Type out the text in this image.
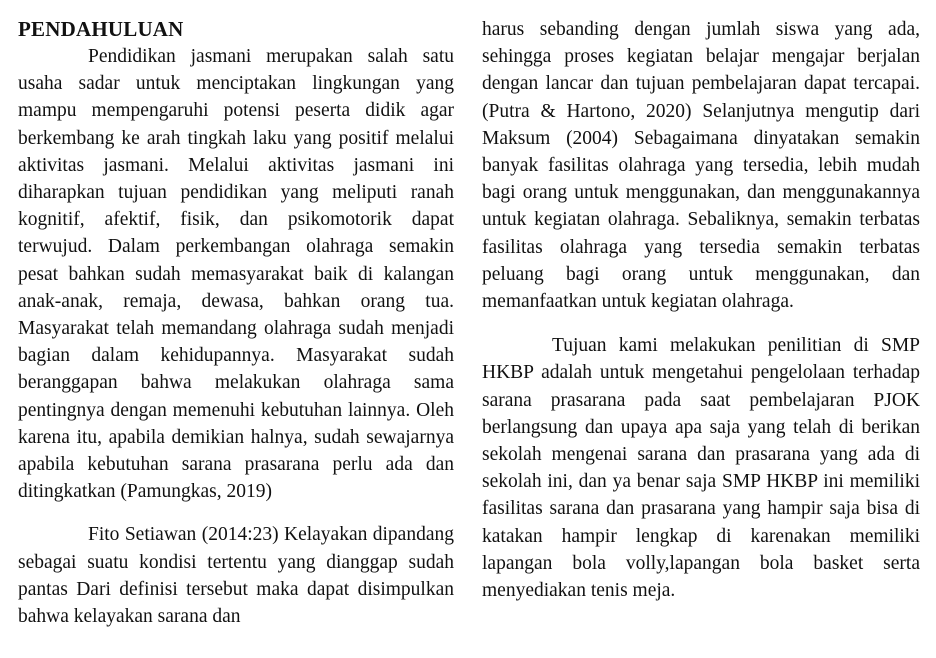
PENDAHULUAN

Pendidikan jasmani merupakan salah satu usaha sadar untuk menciptakan lingkungan yang mampu mempengaruhi potensi peserta didik agar berkembang ke arah tingkah laku yang positif melalui aktivitas jasmani. Melalui aktivitas jasmani ini diharapkan tujuan pendidikan yang meliputi ranah kognitif, afektif, fisik, dan psikomotorik dapat terwujud. Dalam perkembangan olahraga semakin pesat bahkan sudah memasyarakat baik di kalangan anak-anak, remaja, dewasa, bahkan orang tua. Masyarakat telah memandang olahraga sudah menjadi bagian dalam kehidupannya. Masyarakat sudah beranggapan bahwa melakukan olahraga sama pentingnya dengan memenuhi kebutuhan lainnya. Oleh karena itu, apabila demikian halnya, sudah sewajarnya apabila kebutuhan sarana prasarana perlu ada dan ditingkatkan (Pamungkas, 2019)

Fito Setiawan (2014:23) Kelayakan dipandang sebagai suatu kondisi tertentu yang dianggap sudah pantas Dari definisi tersebut maka dapat disimpulkan bahwa kelayakan sarana dan

harus sebanding dengan jumlah siswa yang ada, sehingga proses kegiatan belajar mengajar berjalan dengan lancar dan tujuan pembelajaran dapat tercapai. (Putra & Hartono, 2020) Selanjutnya mengutip dari Maksum (2004) Sebagaimana dinyatakan semakin banyak fasilitas olahraga yang tersedia, lebih mudah bagi orang untuk menggunakan, dan menggunakannya untuk kegiatan olahraga. Sebaliknya, semakin terbatas fasilitas olahraga yang tersedia semakin terbatas peluang bagi orang untuk menggunakan, dan memanfaatkan untuk kegiatan olahraga.

Tujuan kami melakukan penilitian di SMP HKBP adalah untuk mengetahui pengelolaan terhadap sarana prasarana pada saat pembelajaran PJOK berlangsung dan upaya apa saja yang telah di berikan sekolah mengenai sarana dan prasarana yang ada di sekolah ini, dan ya benar saja SMP HKBP ini memiliki fasilitas sarana dan prasarana yang hampir saja bisa di katakan hampir lengkap di karenakan memiliki lapangan bola volly,lapangan bola basket serta menyediakan tenis meja.
